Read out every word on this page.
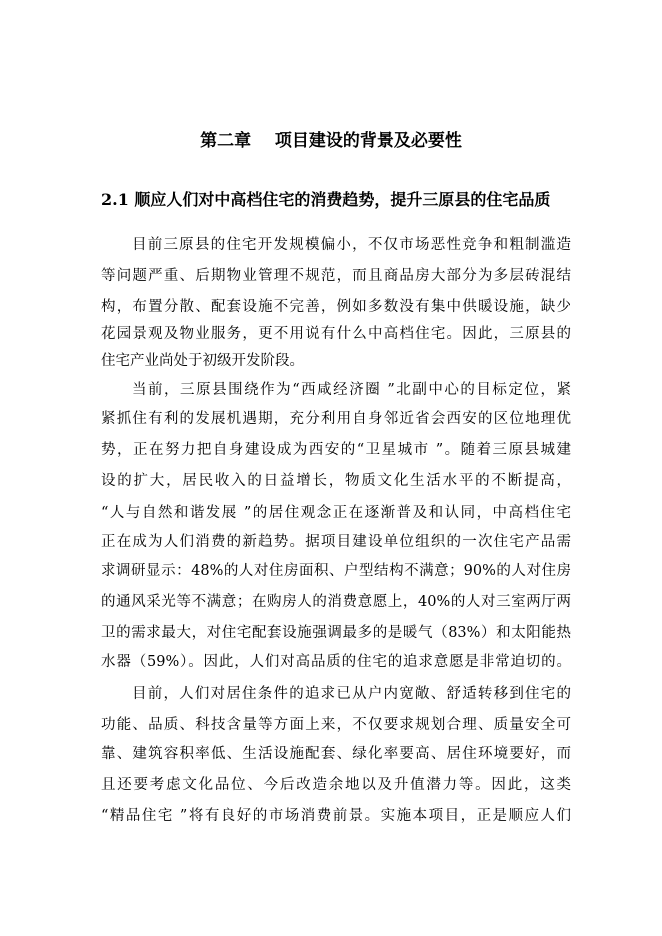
第二章    项目建设的背景及必要性
2.1 顺应人们对中高档住宅的消费趋势，提升三原县的住宅品质

目前三原县的住宅开发规模偏小，不仅市场恶性竞争和粗制滥造

等问题严重、后期物业管理不规范，而且商品房大部分为多层砖混结

构，布置分散、配套设施不完善，例如多数没有集中供暖设施，缺少

花园景观及物业服务，更不用说有什么中高档住宅。因此，三原县的

住宅产业尚处于初级开发阶段。

当前，三原县围绕作为“西咸经济圈 ”北副中心的目标定位，紧

紧抓住有利的发展机遇期，充分利用自身邻近省会西安的区位地理优

势，正在努力把自身建设成为西安的“卫星城市 ”。随着三原县城建

设的扩大，居民收入的日益增长，物质文化生活水平的不断提高，

“人与自然和谐发展 ”的居住观念正在逐渐普及和认同，中高档住宅

正在成为人们消费的新趋势。据项目建设单位组织的一次住宅产品需

求调研显示：48%的人对住房面积、户型结构不满意；90%的人对住房

的通风采光等不满意；在购房人的消费意愿上，40%的人对三室两厅两

卫的需求最大，对住宅配套设施强调最多的是暖气（83%）和太阳能热

水器（59%）。因此，人们对高品质的住宅的追求意愿是非常迫切的。

目前，人们对居住条件的追求已从户内宽敞、舒适转移到住宅的

功能、品质、科技含量等方面上来，不仅要求规划合理、质量安全可

靠、建筑容积率低、生活设施配套、绿化率要高、居住环境要好，而

且还要考虑文化品位、今后改造余地以及升值潜力等。因此，这类

“精品住宅 ”将有良好的市场消费前景。实施本项目，正是顺应人们
